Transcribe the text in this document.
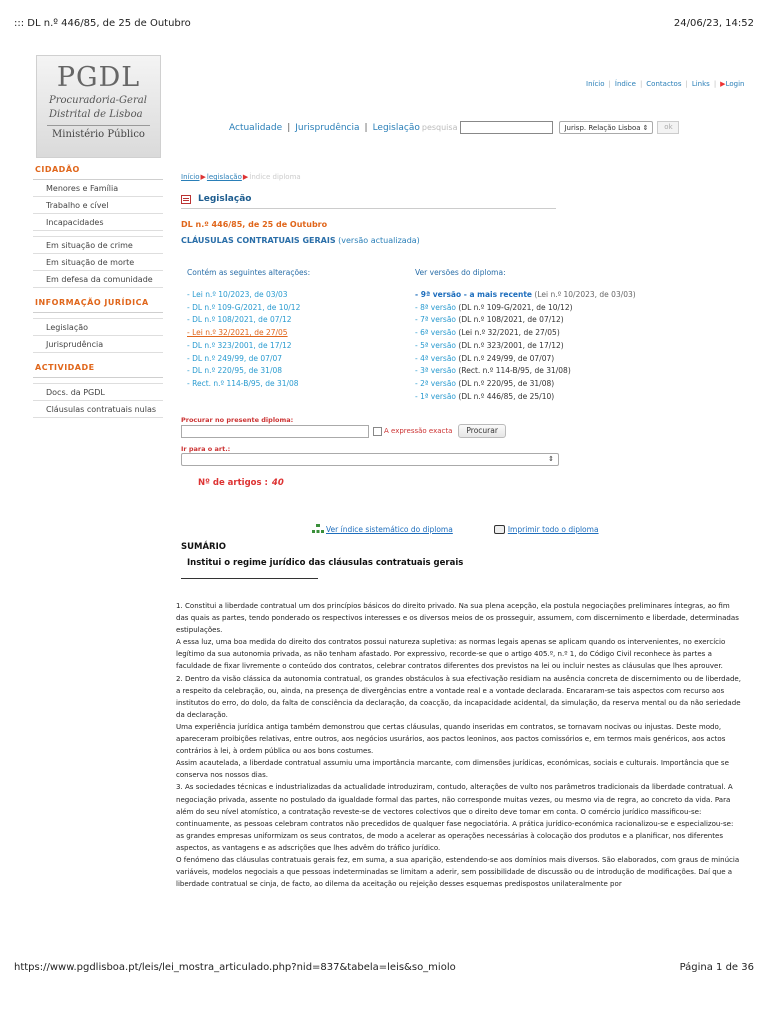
::: DL n.º 446/85, de 25 de Outubro	24/06/23, 14:52
PGDL
Procuradoria-Geral
Distrital de Lisboa
Ministério Público
Início | Índice | Contactos | Links | ▶Login
Actualidade | Jurisprudência | Legislação pesquisa	Jurisp. Relação Lisboa ⇕	ok
CIDADÃO
Menores e Família
Trabalho e cível
Incapacidades
Em situação de crime
Em situação de morte
Em defesa da comunidade
INFORMAÇÃO JURÍDICA
Legislação
Jurisprudência
ACTIVIDADE
Docs. da PGDL
Cláusulas contratuais nulas
Início▶legislação▶Índice diploma
Legislação
DL n.º 446/85, de 25 de Outubro
CLÁUSULAS CONTRATUAIS GERAIS (versão actualizada)
Contém as seguintes alterações:	Ver versões do diploma:
- Lei n.º 10/2023, de 03/03
- DL n.º 109-G/2021, de 10/12
- DL n.º 108/2021, de 07/12
- Lei n.º 32/2021, de 27/05
- DL n.º 323/2001, de 17/12
- DL n.º 249/99, de 07/07
- DL n.º 220/95, de 31/08
- Rect. n.º 114-B/95, de 31/08
- 9ª versão - a mais recente (Lei n.º 10/2023, de 03/03)
- 8ª versão (DL n.º 109-G/2021, de 10/12)
- 7ª versão (DL n.º 108/2021, de 07/12)
- 6ª versão (Lei n.º 32/2021, de 27/05)
- 5ª versão (DL n.º 323/2001, de 17/12)
- 4ª versão (DL n.º 249/99, de 07/07)
- 3ª versão (Rect. n.º 114-B/95, de 31/08)
- 2ª versão (DL n.º 220/95, de 31/08)
- 1ª versão (DL n.º 446/85, de 25/10)
Procurar no presente diploma:
A expressão exacta	Procurar
Ir para o art.:
⇕
Nº de artigos : 40
Ver índice sistemático do diploma	Imprimir todo o diploma
SUMÁRIO
Institui o regime jurídico das cláusulas contratuais gerais

1. Constitui a liberdade contratual um dos princípios básicos do direito privado. Na sua plena acepção, ela postula negociações preliminares íntegras, ao fim das quais as partes, tendo ponderado os respectivos interesses e os diversos meios de os prosseguir, assumem, com discernimento e liberdade, determinadas estipulações.

A essa luz, uma boa medida do direito dos contratos possui natureza supletiva: as normas legais apenas se aplicam quando os intervenientes, no exercício legítimo da sua autonomia privada, as não tenham afastado. Por expressivo, recorde-se que o artigo 405.º, n.º 1, do Código Civil reconhece às partes a faculdade de fixar livremente o conteúdo dos contratos, celebrar contratos diferentes dos previstos na lei ou incluir nestes as cláusulas que lhes aprouver.

2. Dentro da visão clássica da autonomia contratual, os grandes obstáculos à sua efectivação residiam na ausência concreta de discernimento ou de liberdade, a respeito da celebração, ou, ainda, na presença de divergências entre a vontade real e a vontade declarada. Encararam-se tais aspectos com recurso aos institutos do erro, do dolo, da falta de consciência da declaração, da coacção, da incapacidade acidental, da simulação, da reserva mental ou da não seriedade da declaração.

Uma experiência jurídica antiga também demonstrou que certas cláusulas, quando inseridas em contratos, se tornavam nocivas ou injustas. Deste modo, apareceram proibições relativas, entre outros, aos negócios usurários, aos pactos leoninos, aos pactos comissórios e, em termos mais genéricos, aos actos contrários à lei, à ordem pública ou aos bons costumes.

Assim acautelada, a liberdade contratual assumiu uma importância marcante, com dimensões jurídicas, económicas, sociais e culturais. Importância que se conserva nos nossos dias.

3. As sociedades técnicas e industrializadas da actualidade introduziram, contudo, alterações de vulto nos parâmetros tradicionais da liberdade contratual. A negociação privada, assente no postulado da igualdade formal das partes, não corresponde muitas vezes, ou mesmo via de regra, ao concreto da vida. Para além do seu nível atomístico, a contratação reveste-se de vectores colectivos que o direito deve tomar em conta. O comércio jurídico massificou-se: continuamente, as pessoas celebram contratos não precedidos de qualquer fase negociatória. A prática jurídico-económica racionalizou-se e especializou-se: as grandes empresas uniformizam os seus contratos, de modo a acelerar as operações necessárias à colocação dos produtos e a planificar, nos diferentes aspectos, as vantagens e as adscrições que lhes advêm do tráfico jurídico.

O fenómeno das cláusulas contratuais gerais fez, em suma, a sua aparição, estendendo-se aos domínios mais diversos. São elaborados, com graus de minúcia variáveis, modelos negociais a que pessoas indeterminadas se limitam a aderir, sem possibilidade de discussão ou de introdução de modificações. Daí que a liberdade contratual se cinja, de facto, ao dilema da aceitação ou rejeição desses esquemas predispostos unilateralmente por

https://www.pgdlisboa.pt/leis/lei_mostra_articulado.php?nid=837&tabela=leis&so_miolo	Página 1 de 36
